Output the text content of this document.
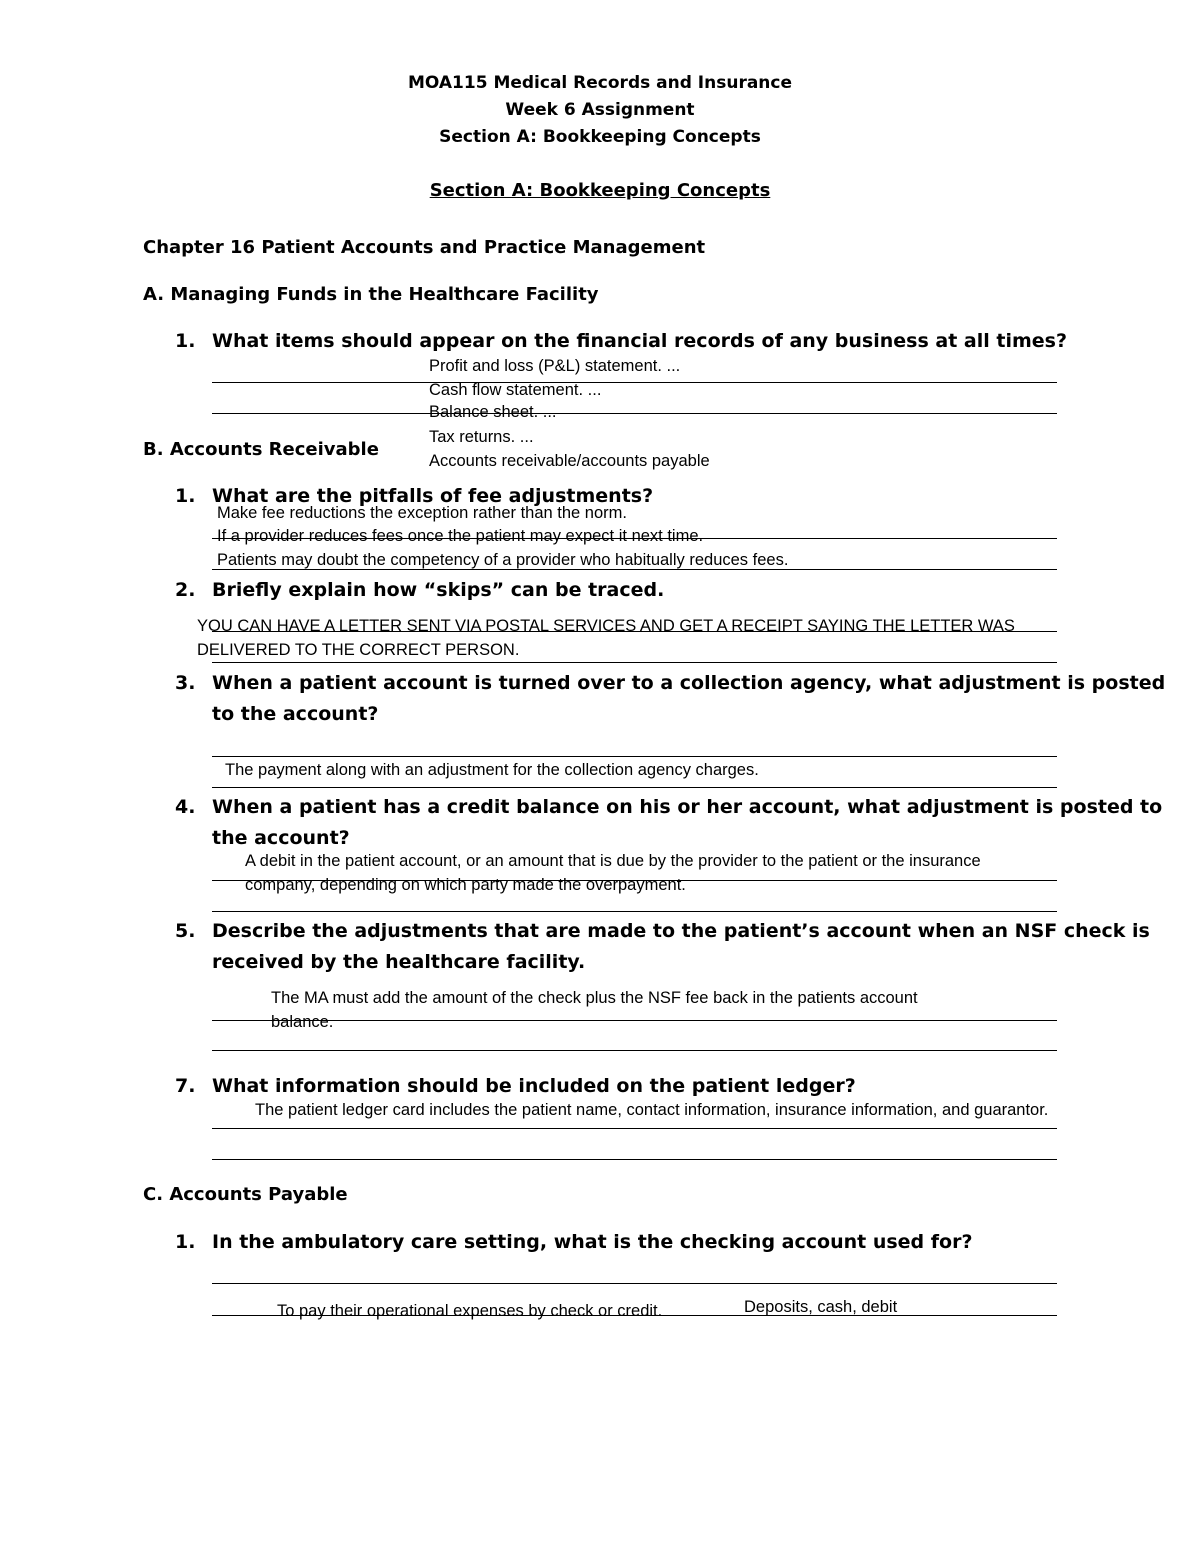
MOA115 Medical Records and Insurance
Week 6 Assignment
Section A: Bookkeeping Concepts
Section A: Bookkeeping Concepts
Chapter 16 Patient Accounts and Practice Management
A. Managing Funds in the Healthcare Facility
1. What items should appear on the financial records of any business at all times?
Profit and loss (P&L) statement. ...
Cash flow statement. ...
Balance sheet. ...
Tax returns. ...
Accounts receivable/accounts payable
B. Accounts Receivable
1. What are the pitfalls of fee adjustments?
Make fee reductions the exception rather than the norm.
If a provider reduces fees once the patient may expect it next time.
Patients may doubt the competency of a provider who habitually reduces fees.
2. Briefly explain how “skips” can be traced.
YOU CAN HAVE A LETTER SENT VIA POSTAL SERVICES AND GET A RECEIPT SAYING THE LETTER WAS
DELIVERED TO THE CORRECT PERSON.
3. When a patient account is turned over to a collection agency, what adjustment is posted
to the account?
The payment along with an adjustment for the collection agency charges.
4. When a patient has a credit balance on his or her account, what adjustment is posted to
the account?
A debit in the patient account, or an amount that is due by the provider to the patient or the insurance
company, depending on which party made the overpayment.
5. Describe the adjustments that are made to the patient’s account when an NSF check is
received by the healthcare facility.
The MA must add the amount of the check plus the NSF fee back in the patients account
balance.
7. What information should be included on the patient ledger?
The patient ledger card includes the patient name, contact information, insurance information, and guarantor.
C. Accounts Payable
1. In the ambulatory care setting, what is the checking account used for?
To pay their operational expenses by check or credit.	Deposits, cash, debit
